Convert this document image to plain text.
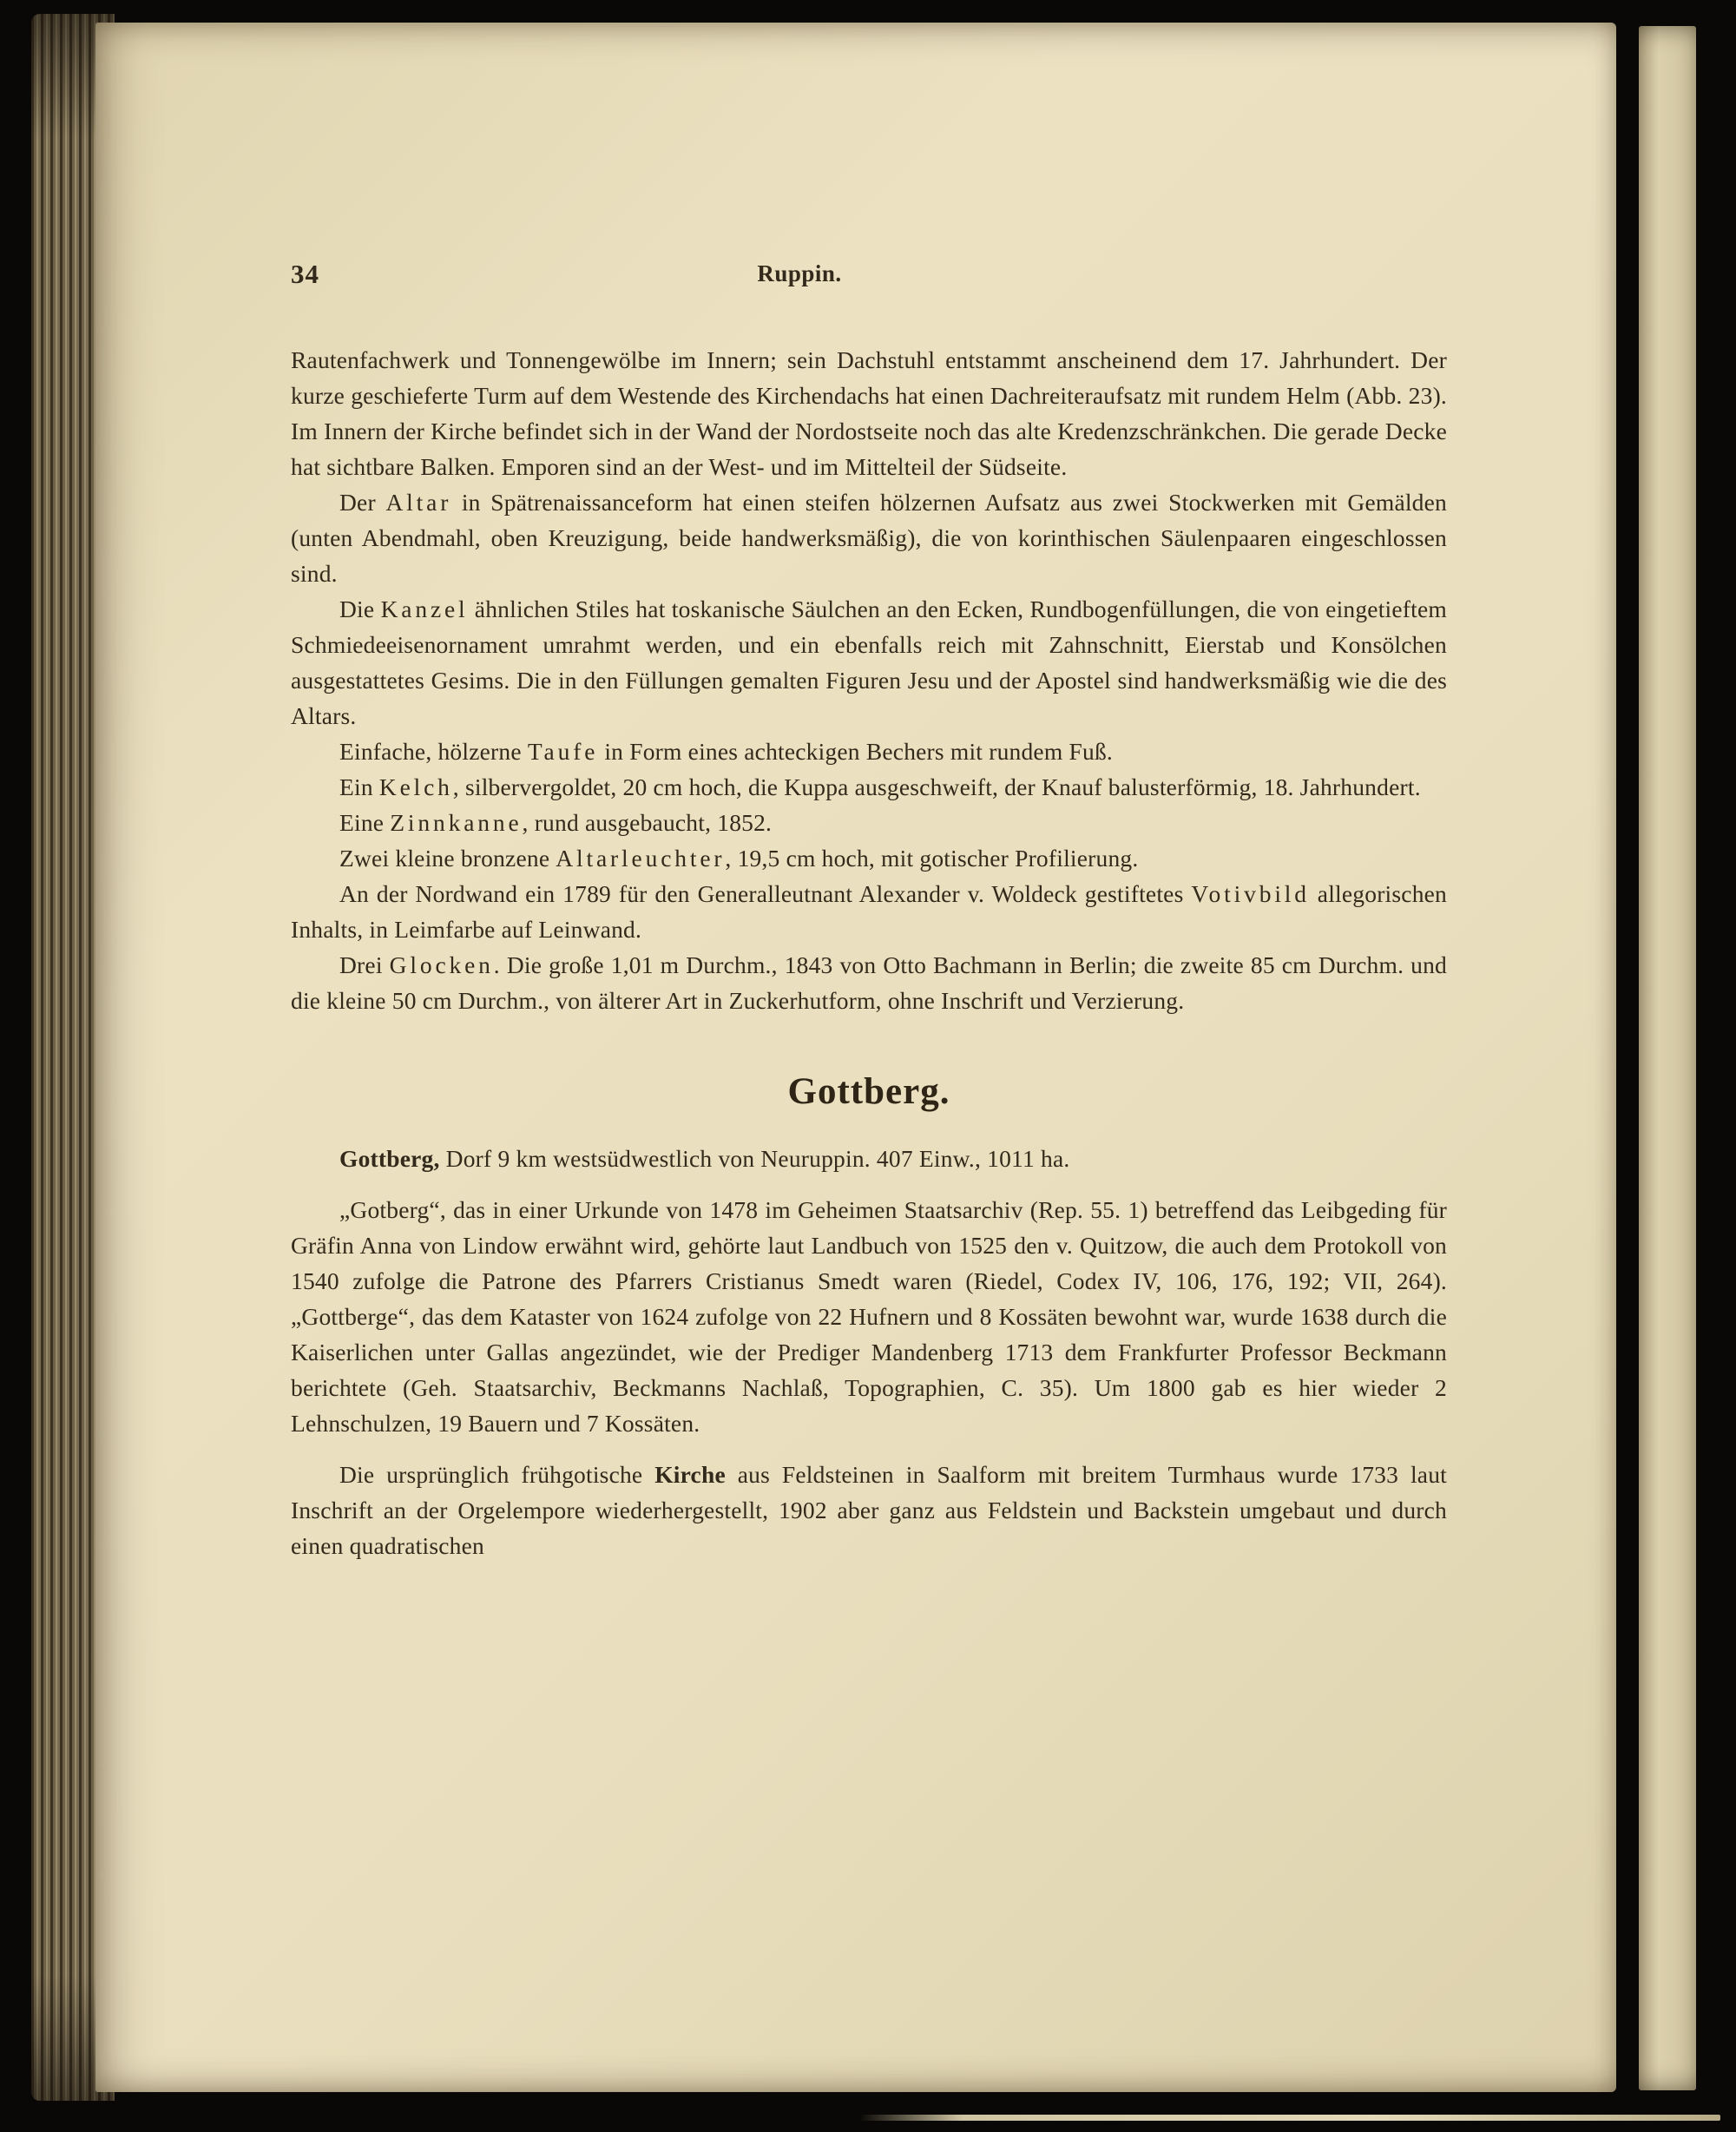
34	Ruppin.

Rautenfachwerk und Tonnengewölbe im Innern; sein Dachstuhl entstammt anscheinend dem 17. Jahrhundert. Der kurze geschieferte Turm auf dem Westende des Kirchendachs hat einen Dachreiteraufsatz mit rundem Helm (Abb. 23). Im Innern der Kirche befindet sich in der Wand der Nordostseite noch das alte Kredenzschränkchen. Die gerade Decke hat sichtbare Balken. Emporen sind an der West- und im Mittelteil der Südseite.

Der Altar in Spätrenaissanceform hat einen steifen hölzernen Aufsatz aus zwei Stockwerken mit Gemälden (unten Abendmahl, oben Kreuzigung, beide handwerksmäßig), die von korinthischen Säulenpaaren eingeschlossen sind.

Die Kanzel ähnlichen Stiles hat toskanische Säulchen an den Ecken, Rundbogenfüllungen, die von eingetieftem Schmiedeeisenornament umrahmt werden, und ein ebenfalls reich mit Zahnschnitt, Eierstab und Konsölchen ausgestattetes Gesims. Die in den Füllungen gemalten Figuren Jesu und der Apostel sind handwerksmäßig wie die des Altars.

Einfache, hölzerne Taufe in Form eines achteckigen Bechers mit rundem Fuß.

Ein Kelch, silbervergoldet, 20 cm hoch, die Kuppa ausgeschweift, der Knauf balusterförmig, 18. Jahrhundert.

Eine Zinnkanne, rund ausgebaucht, 1852.

Zwei kleine bronzene Altarleuchter, 19,5 cm hoch, mit gotischer Profilierung.

An der Nordwand ein 1789 für den Generalleutnant Alexander v. Woldeck gestiftetes Votivbild allegorischen Inhalts, in Leimfarbe auf Leinwand.

Drei Glocken. Die große 1,01 m Durchm., 1843 von Otto Bachmann in Berlin; die zweite 85 cm Durchm. und die kleine 50 cm Durchm., von älterer Art in Zuckerhutform, ohne Inschrift und Verzierung.

Gottberg.

Gottberg, Dorf 9 km westsüdwestlich von Neuruppin. 407 Einw., 1011 ha.

„Gotberg“, das in einer Urkunde von 1478 im Geheimen Staatsarchiv (Rep. 55. 1) betreffend das Leibgeding für Gräfin Anna von Lindow erwähnt wird, gehörte laut Landbuch von 1525 den v. Quitzow, die auch dem Protokoll von 1540 zufolge die Patrone des Pfarrers Cristianus Smedt waren (Riedel, Codex IV, 106, 176, 192; VII, 264). „Gottberge“, das dem Kataster von 1624 zufolge von 22 Hufnern und 8 Kossäten bewohnt war, wurde 1638 durch die Kaiserlichen unter Gallas angezündet, wie der Prediger Mandenberg 1713 dem Frankfurter Professor Beckmann berichtete (Geh. Staatsarchiv, Beckmanns Nachlaß, Topographien, C. 35). Um 1800 gab es hier wieder 2 Lehnschulzen, 19 Bauern und 7 Kossäten.

Die ursprünglich frühgotische Kirche aus Feldsteinen in Saalform mit breitem Turmhaus wurde 1733 laut Inschrift an der Orgelempore wiederhergestellt, 1902 aber ganz aus Feldstein und Backstein umgebaut und durch einen quadratischen
